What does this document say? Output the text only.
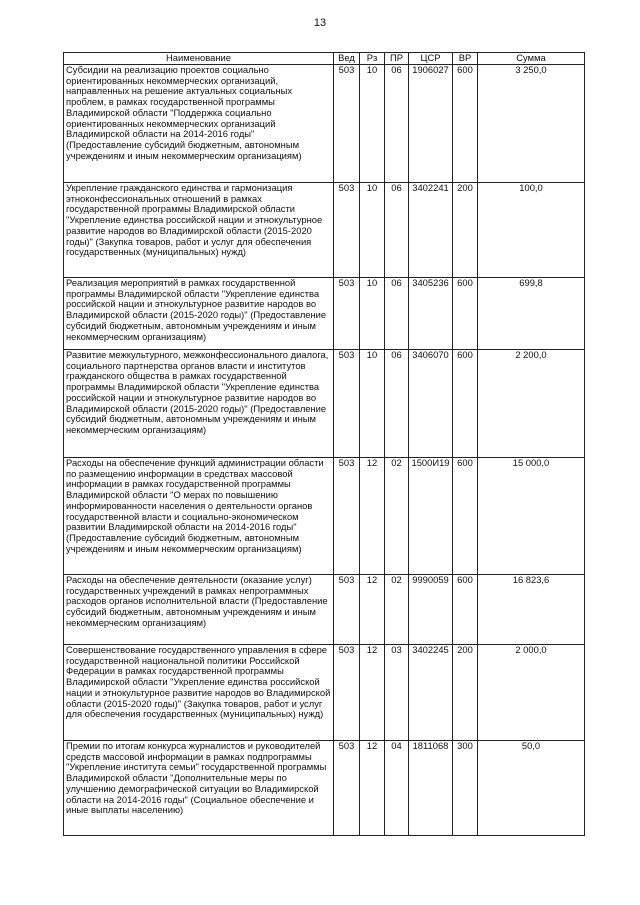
13
Наименование	Вед	Рз	ПР	ЦСР	ВР	Сумма
Субсидии на реализацию проектов социально ориентированных некоммерческих организаций, направленных на решение актуальных социальных проблем, в рамках государственной программы Владимирской области "Поддержка социально ориентированных некоммерческих организаций Владимирской области на 2014-2016 годы" (Предоставление субсидий бюджетным, автономным учреждениям и иным некоммерческим организациям)	503	10	06	1906027	600	3 250,0
Укрепление гражданского единства и гармонизация этноконфессиональных отношений в рамках государственной программы Владимирской области "Укрепление единства российской нации и этнокультурное развитие народов во Владимирской области (2015-2020 годы)" (Закупка товаров, работ и услуг для обеспечения государственных (муниципальных) нужд)	503	10	06	3402241	200	100,0
Реализация мероприятий в рамках государственной программы Владимирской области "Укрепление единства российской нации и этнокультурное развитие народов во Владимирской области (2015-2020 годы)" (Предоставление субсидий бюджетным, автономным учреждениям и иным некоммерческим организациям)	503	10	06	3405236	600	699,8
Развитие межкультурного, межконфессионального диалога, социального партнерства органов власти и институтов гражданского общества в рамках государственной программы Владимирской области "Укрепление единства российской нации и этнокультурное развитие народов во Владимирской области (2015-2020 годы)" (Предоставление субсидий бюджетным, автономным учреждениям и иным некоммерческим организациям)	503	10	06	3406070	600	2 200,0
Расходы на обеспечение функций администрации области по размещению информации в средствах массовой информации в рамках государственной программы Владимирской области "О мерах по повышению информированности населения о деятельности органов государственной власти и социально-экономическом развитии Владимирской области на 2014-2016 годы" (Предоставление субсидий бюджетным, автономным учреждениям и иным некоммерческим организациям)	503	12	02	1500И19	600	15 000,0
Расходы на обеспечение деятельности (оказание услуг) государственных учреждений в рамках непрограммных расходов органов исполнительной власти (Предоставление субсидий бюджетным, автономным учреждениям и иным некоммерческим организациям)	503	12	02	9990059	600	16 823,6
Совершенствование государственного управления в сфере государственной национальной политики Российской Федерации в рамках государственной программы Владимирской области "Укрепление единства российской нации и этнокультурное развитие народов во Владимирской области (2015-2020 годы)" (Закупка товаров, работ и услуг для обеспечения государственных (муниципальных) нужд)	503	12	03	3402245	200	2 000,0
Премии по итогам конкурса журналистов и руководителей средств массовой информации в рамках подпрограммы "Укрепление института семьи" государственной программы Владимирской области "Дополнительные меры по улучшению демографической ситуации во Владимирской области на 2014-2016 годы" (Социальное обеспечение и иные выплаты населению)	503	12	04	1811068	300	50,0
